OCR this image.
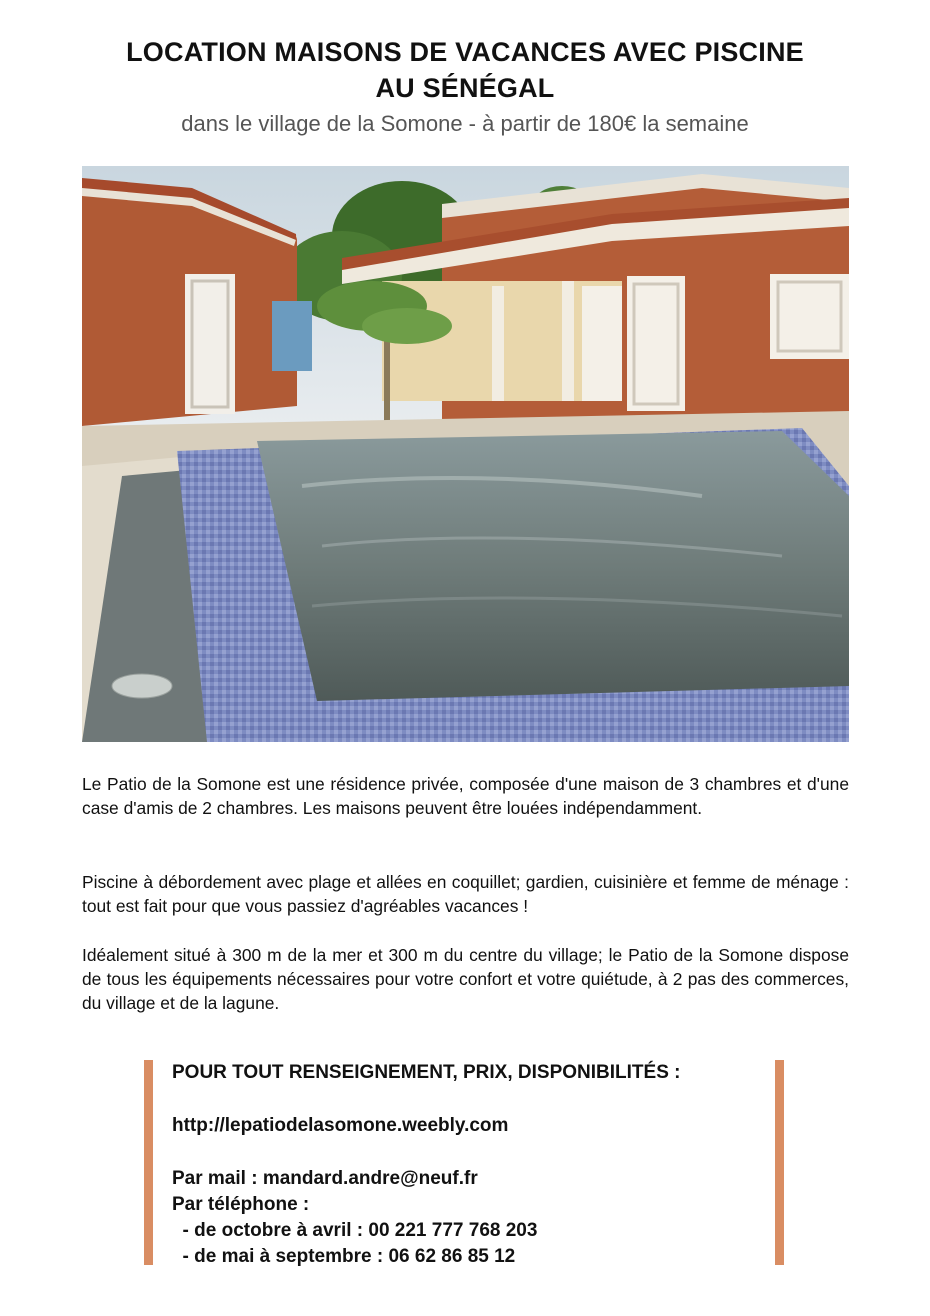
LOCATION MAISONS DE VACANCES AVEC PISCINE
AU SÉNÉGAL

dans le village de la Somone - à partir de 180€ la semaine

Le Patio de la Somone est une résidence privée, composée d'une maison de 3 chambres et d'une case d'amis de 2 chambres. Les maisons peuvent être louées indépendamment.

Piscine à débordement avec plage et allées en coquillet; gardien, cuisinière et femme de ménage : tout est fait pour que vous passiez d'agréables vacances !

Idéalement situé à 300 m de la mer et 300 m du centre du village; le Patio de la Somone dispose de tous les équipements nécessaires pour votre confort et votre quiétude, à 2 pas des commerces, du village et de la lagune.

POUR TOUT RENSEIGNEMENT, PRIX, DISPONIBILITÉS :
http://lepatiodelasomone.weebly.com
Par mail : mandard.andre@neuf.fr
Par téléphone :
- de octobre à avril : 00 221 777 768 203
- de mai à septembre : 06 62 86 85 12
